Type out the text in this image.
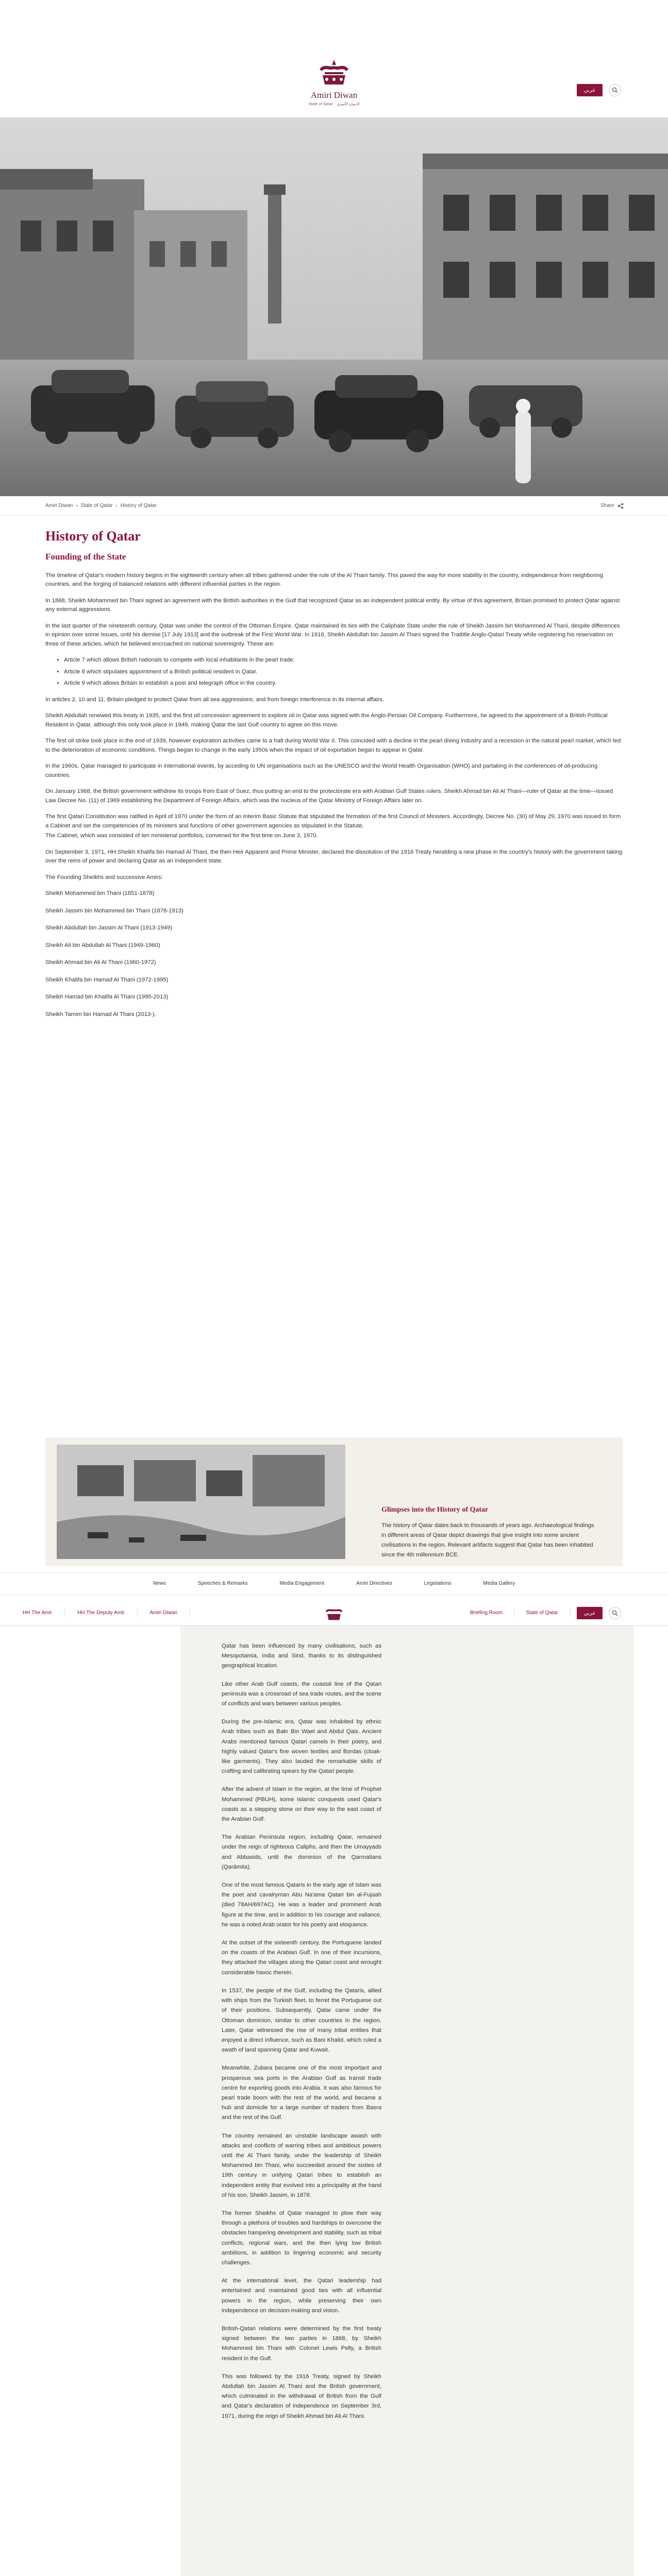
Amiri Diwan
State of Qatar · الديوان الأميري
عربي
Amiri Diwan › State of Qatar › History of Qatar	Share
History of Qatar
Founding of the State

The timeline of Qatar's modern history begins in the eighteenth century when all tribes gathered under the rule of the Al Thani family. This paved the way for more stability in the country, independence from neighboring countries, and the forging of balanced relations with different influential parties in the region.

In 1868, Sheikh Mohammed bin Thani signed an agreement with the British authorities in the Gulf that recognized Qatar as an independent political entity. By virtue of this agreement, Britain promised to protect Qatar against any external aggressions.

In the last quarter of the nineteenth century, Qatar was under the control of the Ottoman Empire. Qatar maintained its ties with the Caliphate State under the rule of Sheikh Jassim bin Mohammed Al Thani, despite differences in opinion over some issues, until his demise [17 July 1913] and the outbreak of the First World War. In 1916, Sheikh Abdullah bin Jassim Al Thani signed the Trattitle Anglo-Qatari Treaty while registering his reservation on three of these articles, which he believed encroached on national sovereignty. These are:

• Article 7 which allows British nationals to compete with local inhabitants in the pearl trade.
• Article 8 which stipulates appointment of a British political resident in Qatar.
• Article 9 which allows Britain to establish a post and telegraph office in the country.

In articles 2, 10 and 11, Britain pledged to protect Qatar from all sea aggressions, and from foreign interference in its internal affairs.

Sheikh Abdullah renewed this treaty in 1935, and the first oil concession agreement to explore oil in Qatar was signed with the Anglo-Persian Oil Company. Furthermore, he agreed to the appointment of a British Political Resident in Qatar, although this only took place in 1949, making Qatar the last Gulf country to agree on this move.

The first oil strike took place in the end of 1939, however exploration activities came to a halt during World War II. This coincided with a decline in the pearl diving industry and a recession in the natural pearl market, which led to the deterioration of economic conditions. Things began to change in the early 1950s when the impact of oil exportation began to appear in Qatar.

In the 1960s, Qatar managed to participate in international events, by acceding to UN organisations such as the UNESCO and the World Health Organisation (WHO) and partaking in the conferences of oil-producing countries.

On January 1968, the British government withdrew its troops from East of Suez, thus putting an end to the protectorate era with Arabian Gulf States rulers. Sheikh Ahmad bin Ali Al Thani—ruler of Qatar at the time—issued Law Decree No. (11) of 1969 establishing the Department of Foreign Affairs, which was the nucleus of the Qatar Ministry of Foreign Affairs later on.

The first Qatari Constitution was ratified in April of 1970 under the form of an Interim Basic Statute that stipulated the formation of the first Council of Ministers. Accordingly, Decree No. (30) of May 29, 1970 was issued to form a Cabinet and set the competencies of its ministers and functions of other government agencies as stipulated in the Statute.

The Cabinet, which was consisted of ten ministerial portfolios, convened for the first time on June 3, 1970.

On September 3, 1971, HH Sheikh Khalifa bin Hamad Al Thani, the then Heir Apparent and Prime Minister, declared the dissolution of the 1916 Treaty heralding a new phase in the country's history with the government taking over the reins of power and declaring Qatar as an independent state.

The Founding Sheikhs and successive Amirs:

Sheikh Mohammed bin Thani (1851-1878)

Sheikh Jassim bin Mohammed bin Thani (1878-1913)

Sheikh Abdullah bin Jassim Al Thani (1913-1949)

Sheikh Ali bin Abdullah Al Thani (1949-1960)

Sheikh Ahmad bin Ali Al Thani (1960-1972)

Sheikh Khalifa bin Hamad Al Thani (1972-1995)

Sheikh Hamad bin Khalifa Al Thani (1995-2013)

Sheikh Tamim bin Hamad Al Thani (2013-).

Glimpses into the History of Qatar

The history of Qatar dates back to thousands of years ago. Archaeological findings in different areas of Qatar depict drawings that give insight into some ancient civilisations in the region. Relevant artifacts suggest that Qatar has been inhabited since the 4th millennium BCE.

News	Speeches & Remarks	Media Engagement	Amiri Directives	Legislations	Media Gallery
HH The Amir	HH The Deputy Amir	Amiri Diwan	Briefing Room	State of Qatar	عربي

Qatar has been influenced by many civilisations, such as Mesopotamia, India and Sind, thanks to its distinguished geographical location.

Like other Arab Gulf coasts, the coastal line of the Qatari peninsula was a crossroad of sea trade routes, and the scene of conflicts and wars between various peoples.

During the pre-Islamic era, Qatar was inhabited by ethnic Arab tribes such as Bakr Bin Wael and Abdul Qais. Ancient Arabs mentioned famous Qatari camels in their poetry, and highly valued Qatar's fine woven textiles and Bordas (cloak-like garments). They also lauded the remarkable skills of crafting and calibrating spears by the Qatari people.

After the advent of Islam in the region, at the time of Prophet Mohammed (PBUH), some Islamic conquests used Qatar's coasts as a stepping stone on their way to the east coast of the Arabian Gulf.

The Arabian Peninsula region, including Qatar, remained under the reign of righteous Caliphs, and then the Umayyads and Abbasids, until the dominion of the Qarmatians (Qarāmita).

One of the most famous Qataris in the early age of Islam was the poet and cavalryman Abu Na'ama Qatari bin al-Fujaah (died 78AH/697AC). He was a leader and prominent Arab figure at the time, and in addition to his courage and valiance, he was a noted Arab orator for his poetry and eloquence.

At the outset of the sixteenth century, the Portuguese landed on the coasts of the Arabian Gulf. In one of their incursions, they attacked the villages along the Qatari coast and wrought considerable havoc therein.

In 1537, the people of the Gulf, including the Qataris, allied with ships from the Turkish fleet, to ferret the Portuguese out of their positions. Subsequently, Qatar came under the Ottoman dominion, similar to other countries in the region. Later, Qatar witnessed the rise of many tribal entities that enjoyed a direct influence, such as Bani Khalid, which ruled a swath of land spanning Qatar and Kuwait.

Meanwhile, Zubara became one of the most important and prosperous sea ports in the Arabian Gulf as transit trade centre for exporting goods into Arabia. It was also famous for pearl trade boom with the rest of the world, and became a hub and domicile for a large number of traders from Basra and the rest of the Gulf.

The country remained an unstable landscape awash with attacks and conflicts of warring tribes and ambitious powers until the Al Thani family, under the leadership of Sheikh Mohammed bin Thani, who succeeded around the sixties of 19th century in unifying Qatari tribes to establish an independent entity that evolved into a principality at the hand of his son, Sheikh Jassim, in 1878.

The former Sheikhs of Qatar managed to plow their way through a plethora of troubles and hardships to overcome the obstacles hampering development and stability, such as tribal conflicts, regional wars, and the then lying low British ambitions, in addition to lingering economic and security challenges.

At the international level, the Qatari leadership had entertained and maintained good ties with all influential powers in the region, while preserving their own independence on decision-making and vision.

British-Qatari relations were determined by the first treaty signed between the two parties in 1868, by Sheikh Mohammed bin Thani with Colonel Lewis Pelly, a British resident in the Gulf.

This was followed by the 1916 Treaty, signed by Sheikh Abdullah bin Jassim Al Thani and the British government, which culminated in the withdrawal of British from the Gulf and Qatar's declaration of independence on September 3rd, 1971, during the reign of Sheikh Ahmad bin Ali Al Thani.
